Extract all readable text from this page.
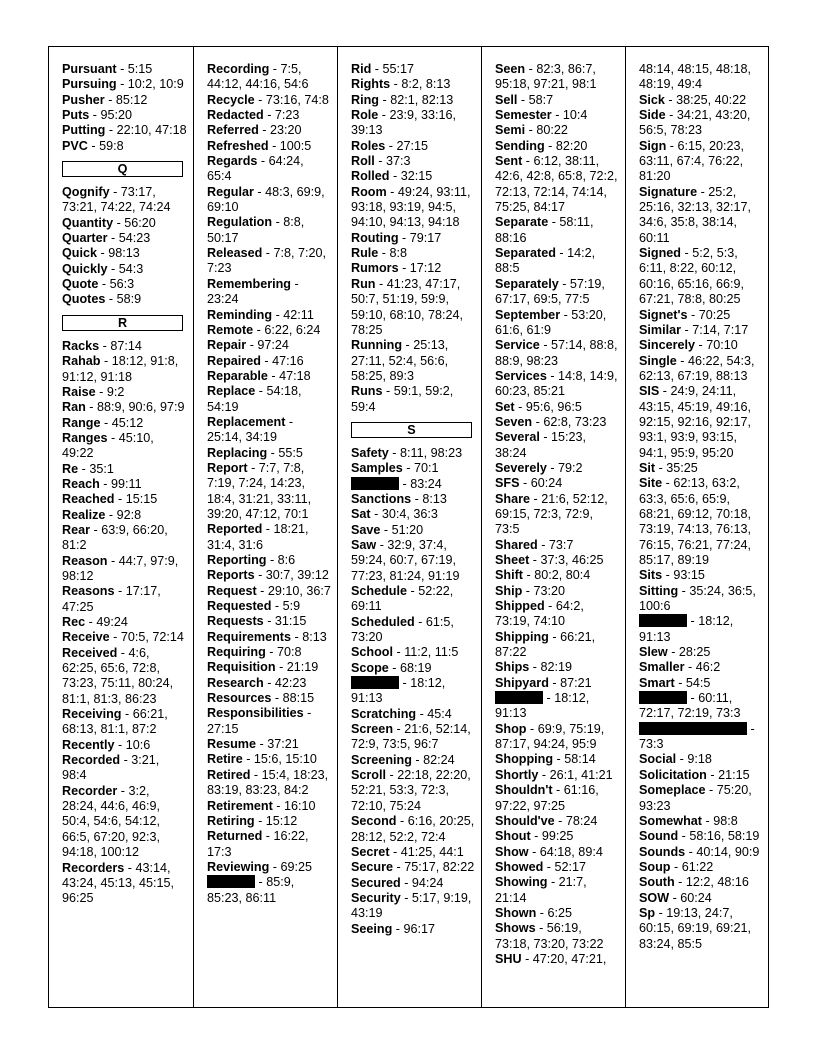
Pursuant - 5:15

Pursuing - 10:2, 10:9

Pusher - 85:12

Puts - 95:20

Putting - 22:10, 47:18

PVC - 59:8

Q

Qognify - 73:17, 73:21, 74:22, 74:24

Quantity - 56:20

Quarter - 54:23

Quick - 98:13

Quickly - 54:3

Quote - 56:3

Quotes - 58:9

R

Racks - 87:14

Rahab - 18:12, 91:8, 91:12, 91:18

Raise - 9:2

Ran - 88:9, 90:6, 97:9

Range - 45:12

Ranges - 45:10, 49:22

Re - 35:1

Reach - 99:11

Reached - 15:15

Realize - 92:8

Rear - 63:9, 66:20, 81:2

Reason - 44:7, 97:9, 98:12

Reasons - 17:17, 47:25

Rec - 49:24

Receive - 70:5, 72:14

Received - 4:6, 62:25, 65:6, 72:8, 73:23, 75:11, 80:24, 81:1, 81:3, 86:23

Receiving - 66:21, 68:13, 81:1, 87:2

Recently - 10:6

Recorded - 3:21, 98:4

Recorder - 3:2, 28:24, 44:6, 46:9, 50:4, 54:6, 54:12, 66:5, 67:20, 92:3, 94:18, 100:12

Recorders - 43:14, 43:24, 45:13, 45:15, 96:25

Recording - 7:5, 44:12, 44:16, 54:6

Recycle - 73:16, 74:8

Redacted - 7:23

Referred - 23:20

Refreshed - 100:5

Regards - 64:24, 65:4

Regular - 48:3, 69:9, 69:10

Regulation - 8:8, 50:17

Released - 7:8, 7:20, 7:23

Remembering - 23:24

Reminding - 42:11

Remote - 6:22, 6:24

Repair - 97:24

Repaired - 47:16

Reparable - 47:18

Replace - 54:18, 54:19

Replacement - 25:14, 34:19

Replacing - 55:5

Report - 7:7, 7:8, 7:19, 7:24, 14:23, 18:4, 31:21, 33:11, 39:20, 47:12, 70:1

Reported - 18:21, 31:4, 31:6

Reporting - 8:6

Reports - 30:7, 39:12

Request - 29:10, 36:7

Requested - 5:9

Requests - 31:15

Requirements - 8:13

Requiring - 70:8

Requisition - 21:19

Research - 42:23

Resources - 88:15

Responsibilities - 27:15

Resume - 37:21

Retire - 15:6, 15:10

Retired - 15:4, 18:23, 83:19, 83:23, 84:2

Retirement - 16:10

Retiring - 15:12

Returned - 16:22, 17:3

Reviewing - 69:25

- 85:9, 85:23, 86:11

Rid - 55:17

Rights - 8:2, 8:13

Ring - 82:1, 82:13

Role - 23:9, 33:16, 39:13

Roles - 27:15

Roll - 37:3

Rolled - 32:15

Room - 49:24, 93:11, 93:18, 93:19, 94:5, 94:10, 94:13, 94:18

Routing - 79:17

Rule - 8:8

Rumors - 17:12

Run - 41:23, 47:17, 50:7, 51:19, 59:9, 59:10, 68:10, 78:24, 78:25

Running - 25:13, 27:11, 52:4, 56:6, 58:25, 89:3

Runs - 59:1, 59:2, 59:4

S

Safety - 8:11, 98:23

Samples - 70:1

- 83:24

Sanctions - 8:13

Sat - 30:4, 36:3

Save - 51:20

Saw - 32:9, 37:4, 59:24, 60:7, 67:19, 77:23, 81:24, 91:19

Schedule - 52:22, 69:11

Scheduled - 61:5, 73:20

School - 11:2, 11:5

Scope - 68:19

- 18:12, 91:13

Scratching - 45:4

Screen - 21:6, 52:14, 72:9, 73:5, 96:7

Screening - 82:24

Scroll - 22:18, 22:20, 52:21, 53:3, 72:3, 72:10, 75:24

Second - 6:16, 20:25, 28:12, 52:2, 72:4

Secret - 41:25, 44:1

Secure - 75:17, 82:22

Secured - 94:24

Security - 5:17, 9:19, 43:19

Seeing - 96:17

Seen - 82:3, 86:7, 95:18, 97:21, 98:1

Sell - 58:7

Semester - 10:4

Semi - 80:22

Sending - 82:20

Sent - 6:12, 38:11, 42:6, 42:8, 65:8, 72:2, 72:13, 72:14, 74:14, 75:25, 84:17

Separate - 58:11, 88:16

Separated - 14:2, 88:5

Separately - 57:19, 67:17, 69:5, 77:5

September - 53:20, 61:6, 61:9

Service - 57:14, 88:8, 88:9, 98:23

Services - 14:8, 14:9, 60:23, 85:21

Set - 95:6, 96:5

Seven - 62:8, 73:23

Several - 15:23, 38:24

Severely - 79:2

SFS - 60:24

Share - 21:6, 52:12, 69:15, 72:3, 72:9, 73:5

Shared - 73:7

Sheet - 37:3, 46:25

Shift - 80:2, 80:4

Ship - 73:20

Shipped - 64:2, 73:19, 74:10

Shipping - 66:21, 87:22

Ships - 82:19

Shipyard - 87:21

- 18:12, 91:13

Shop - 69:9, 75:19, 87:17, 94:24, 95:9

Shopping - 58:14

Shortly - 26:1, 41:21

Shouldn't - 61:16, 97:22, 97:25

Should've - 78:24

Shout - 99:25

Show - 64:18, 89:4

Showed - 52:17

Showing - 21:7, 21:14

Shown - 6:25

Shows - 56:19, 73:18, 73:20, 73:22

SHU - 47:20, 47:21,

48:14, 48:15, 48:18, 48:19, 49:4

Sick - 38:25, 40:22

Side - 34:21, 43:20, 56:5, 78:23

Sign - 6:15, 20:23, 63:11, 67:4, 76:22, 81:20

Signature - 25:2, 25:16, 32:13, 32:17, 34:6, 35:8, 38:14, 60:11

Signed - 5:2, 5:3, 6:11, 8:22, 60:12, 60:16, 65:16, 66:9, 67:21, 78:8, 80:25

Signet's - 70:25

Similar - 7:14, 7:17

Sincerely - 70:10

Single - 46:22, 54:3, 62:13, 67:19, 88:13

SIS - 24:9, 24:11, 43:15, 45:19, 49:16, 92:15, 92:16, 92:17, 93:1, 93:9, 93:15, 94:1, 95:9, 95:20

Sit - 35:25

Site - 62:13, 63:2, 63:3, 65:6, 65:9, 68:21, 69:12, 70:18, 73:19, 74:13, 76:13, 76:15, 76:21, 77:24, 85:17, 89:19

Sits - 93:15

Sitting - 35:24, 36:5, 100:6

- 18:12, 91:13

Slew - 28:25

Smaller - 46:2

Smart - 54:5

- 60:11, 72:17, 72:19, 73:3

- 73:3

Social - 9:18

Solicitation - 21:15

Someplace - 75:20, 93:23

Somewhat - 98:8

Sound - 58:16, 58:19

Sounds - 40:14, 90:9

Soup - 61:22

South - 12:2, 48:16

SOW - 60:24

Sp - 19:13, 24:7, 60:15, 69:19, 69:21, 83:24, 85:5
